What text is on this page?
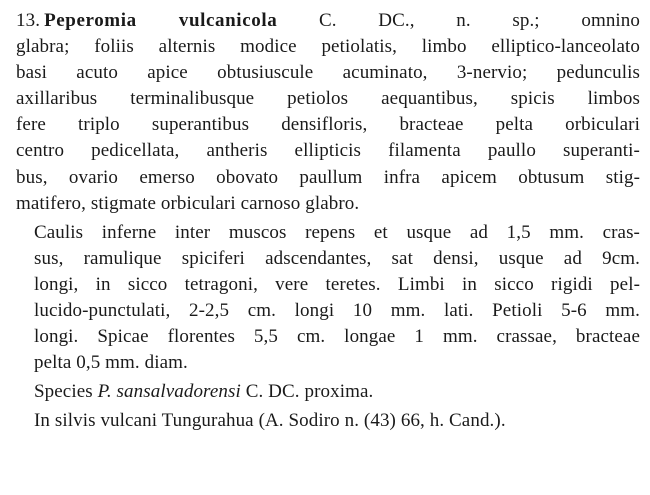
13. Peperomia vulcanicola C. DC., n. sp.; omnino
glabra; foliis alternis modice petiolatis, limbo elliptico-lanceolato
basi acuto apice obtusiuscule acuminato, 3-nervio; pedunculis
axillaribus terminalibusque petiolos aequantibus, spicis limbos
fere triplo superantibus densifloris, bracteae pelta orbiculari
centro pedicellata, antheris ellipticis filamenta paullo superanti-
bus, ovario emerso obovato paullum infra apicem obtusum stig-
matifero, stigmate orbiculari carnoso glabro.

Caulis inferne inter muscos repens et usque ad 1,5 mm. cras-
sus, ramulique spiciferi adscendantes, sat densi, usque ad 9cm.
longi, in sicco tetragoni, vere teretes. Limbi in sicco rigidi pel-
lucido-punctulati, 2-2,5 cm. longi 10 mm. lati. Petioli 5-6 mm.
longi. Spicae florentes 5,5 cm. longae 1 mm. crassae, bracteae
pelta 0,5 mm. diam.

Species P. sansalvadorensi C. DC. proxima.

In silvis vulcani Tungurahua (A. Sodiro n. (43) 66, h. Cand.).
